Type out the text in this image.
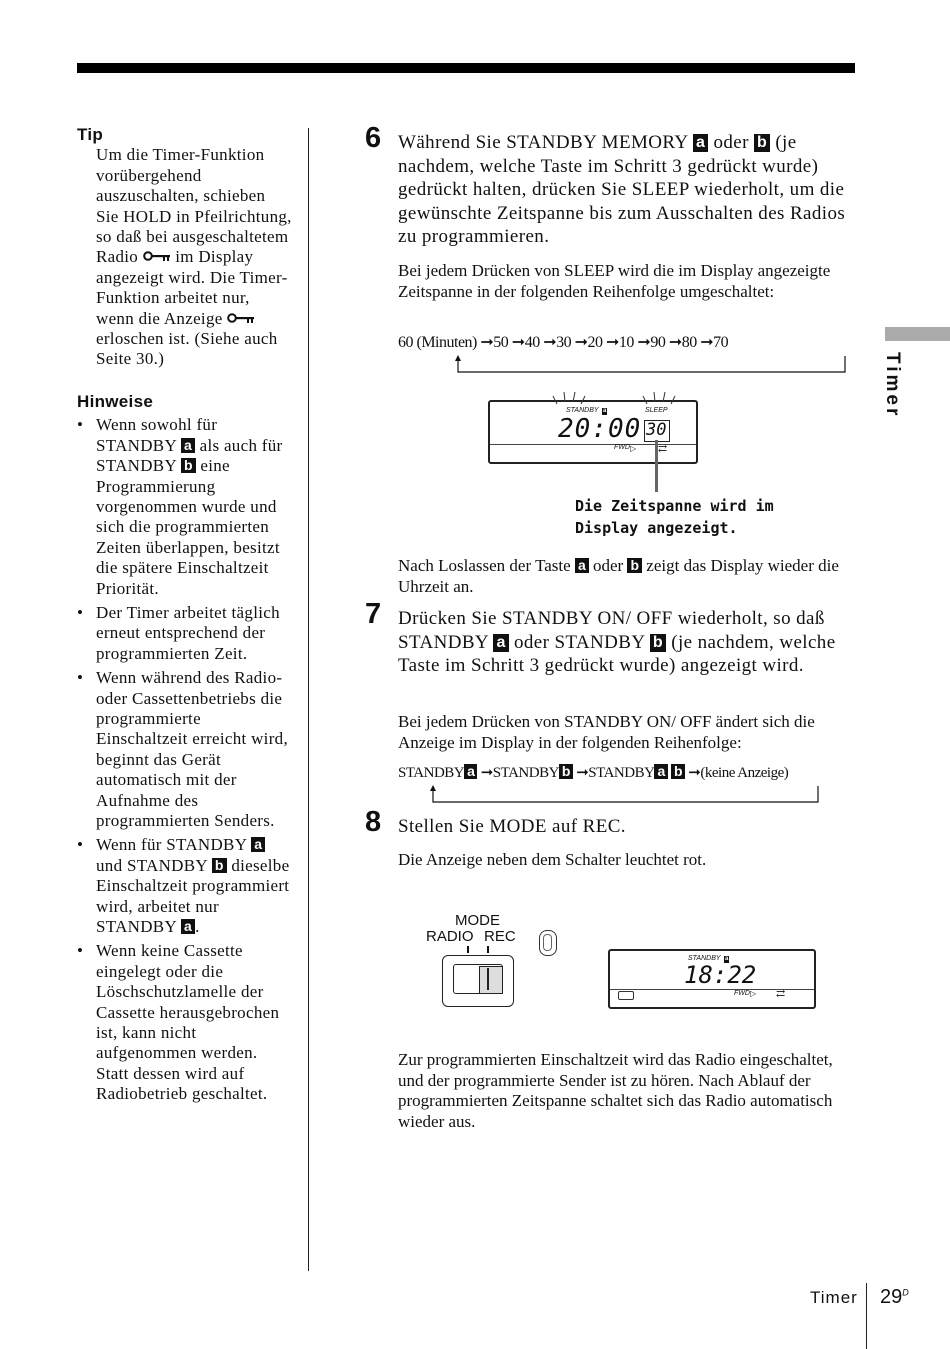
Timer
Tip

Um die Timer-Funktion vorübergehend auszuschalten, schieben Sie HOLD in Pfeilrichtung, so daß bei ausgeschaltetem Radio im Display angezeigt wird. Die Timer-Funktion arbeitet nur, wenn die Anzeige  erloschen ist. (Siehe auch Seite 30.)

Hinweise
• Wenn sowohl für STANDBY a als auch für STANDBY b eine Programmierung vorgenommen wurde und sich die programmierten Zeiten überlappen, besitzt die spätere Einschaltzeit Priorität.
• Der Timer arbeitet täglich erneut entsprechend der programmierten Zeit.
• Wenn während des Radio- oder Cassettenbetriebs die programmierte Einschaltzeit erreicht wird, beginnt das Gerät automatisch mit der Aufnahme des programmierten Senders.
• Wenn für STANDBY a und STANDBY b dieselbe Einschaltzeit programmiert wird, arbeitet nur STANDBY a .
• Wenn keine Cassette eingelegt oder die Löschschutzlamelle der Cassette herausgebrochen ist, kann nicht aufgenommen werden. Statt dessen wird auf Radiobetrieb geschaltet.
6 Während Sie STANDBY MEMORY a oder b (je nachdem, welche Taste im Schritt 3 gedrückt wurde) gedrückt halten, drücken Sie SLEEP wiederholt, um die gewünschte Zeitspanne bis zum Ausschalten des Radios zu programmieren.
Bei jedem Drücken von SLEEP wird die im Display angezeigte Zeitspanne in der folgenden Reihenfolge umgeschaltet:
60 (Minuten) ➞50 ➞40 ➞30 ➞20 ➞10 ➞90 ➞80 ➞70
STANDBY a	SLEEP
20:00 30
FWD ▷ ⇄
Die Zeitspanne wird im
Display angezeigt.
Nach Loslassen der Taste a oder b zeigt das Display wieder die Uhrzeit an.
7 Drücken Sie STANDBY ON/ OFF wiederholt, so daß STANDBY a oder STANDBY b (je nachdem, welche Taste im Schritt 3 gedrückt wurde) angezeigt wird.
Bei jedem Drücken von STANDBY ON/ OFF ändert sich die Anzeige im Display in der folgenden Reihenfolge:
STANDBY a ➞STANDBY b ➞STANDBY a b ➞(keine Anzeige)
8 Stellen Sie MODE auf REC.
Die Anzeige neben dem Schalter leuchtet rot.
MODE
RADIO REC
STANDBY a
18:22
FWD ▷ ⇄
Zur programmierten Einschaltzeit wird das Radio eingeschaltet, und der programmierte Sender ist zu hören. Nach Ablauf der programmierten Zeitspanne schaltet sich das Radio automatisch wieder aus.
Timer $29^D$
